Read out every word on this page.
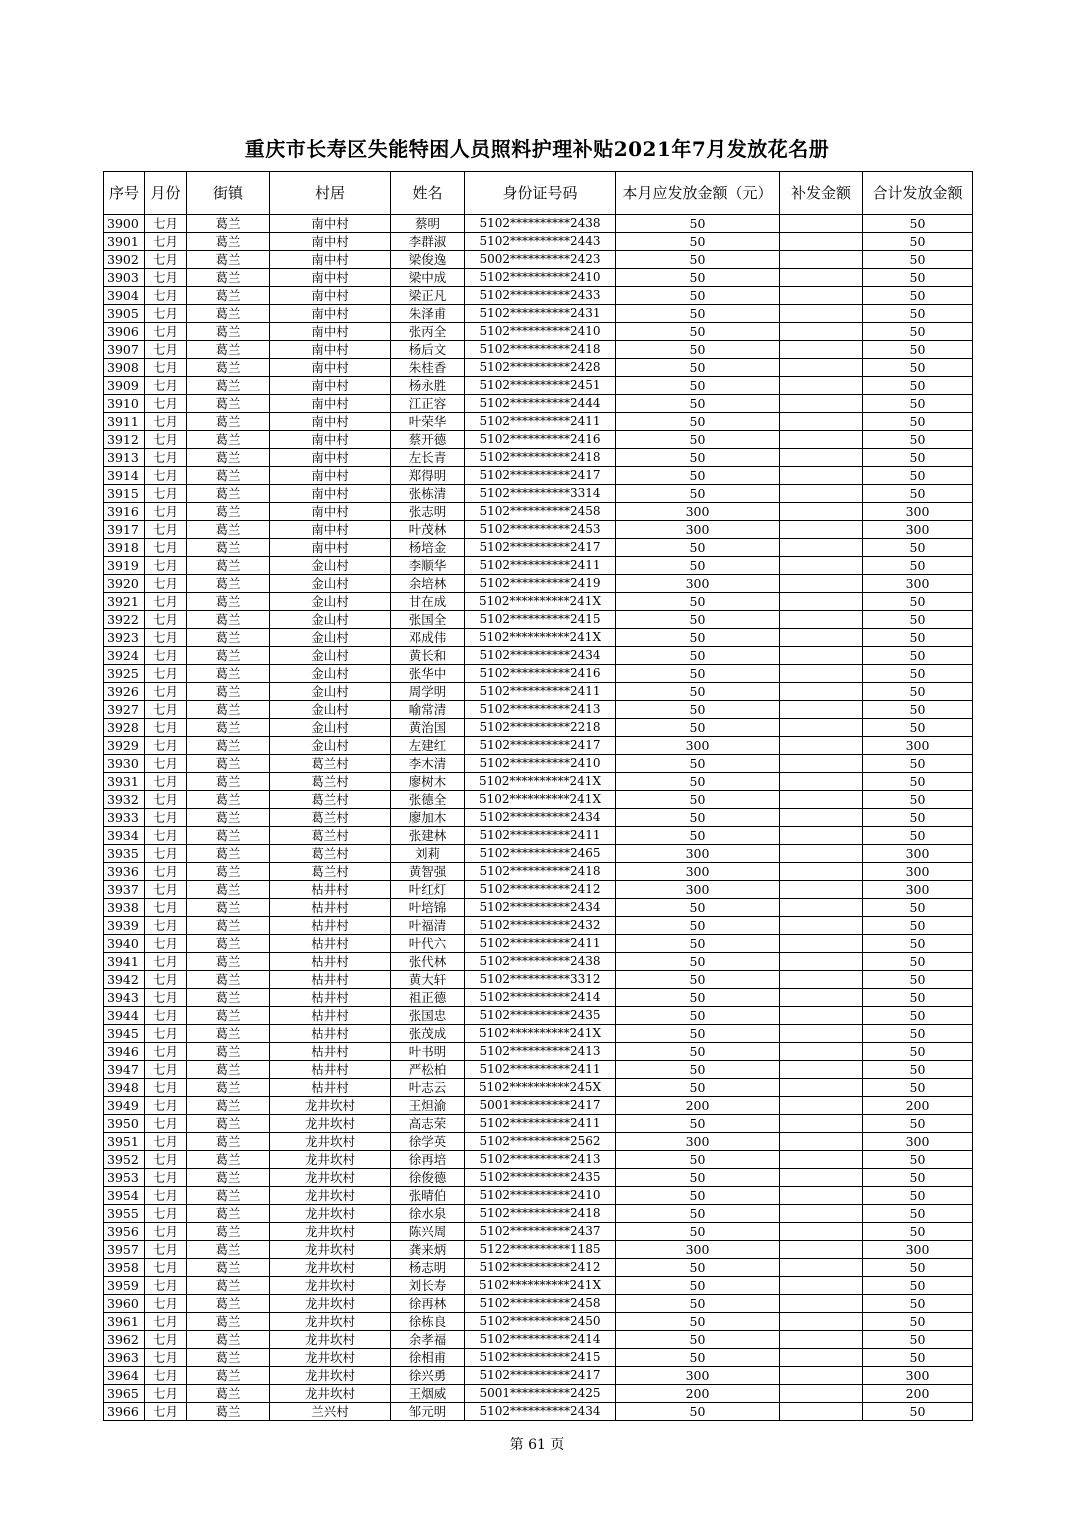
重庆市长寿区失能特困人员照料护理补贴2021年7月发放花名册
序号	月份	街镇	村居	姓名	身份证号码	本月应发放金额（元）	补发金额	合计发放金额
3900	七月	葛兰	南中村	蔡明	5102**********2438	50		50
3901	七月	葛兰	南中村	李群淑	5102**********2443	50		50
3902	七月	葛兰	南中村	梁俊逸	5002**********2423	50		50
3903	七月	葛兰	南中村	梁中成	5102**********2410	50		50
3904	七月	葛兰	南中村	梁正凡	5102**********2433	50		50
3905	七月	葛兰	南中村	朱泽甫	5102**********2431	50		50
3906	七月	葛兰	南中村	张丙全	5102**********2410	50		50
3907	七月	葛兰	南中村	杨后文	5102**********2418	50		50
3908	七月	葛兰	南中村	朱桂香	5102**********2428	50		50
3909	七月	葛兰	南中村	杨永胜	5102**********2451	50		50
3910	七月	葛兰	南中村	江正容	5102**********2444	50		50
3911	七月	葛兰	南中村	叶荣华	5102**********2411	50		50
3912	七月	葛兰	南中村	蔡开德	5102**********2416	50		50
3913	七月	葛兰	南中村	左长青	5102**********2418	50		50
3914	七月	葛兰	南中村	郑得明	5102**********2417	50		50
3915	七月	葛兰	南中村	张栋清	5102**********3314	50		50
3916	七月	葛兰	南中村	张志明	5102**********2458	300		300
3917	七月	葛兰	南中村	叶茂林	5102**********2453	300		300
3918	七月	葛兰	南中村	杨培金	5102**********2417	50		50
3919	七月	葛兰	金山村	李顺华	5102**********2411	50		50
3920	七月	葛兰	金山村	余培林	5102**********2419	300		300
3921	七月	葛兰	金山村	甘在成	5102**********241X	50		50
3922	七月	葛兰	金山村	张国全	5102**********2415	50		50
3923	七月	葛兰	金山村	邓成伟	5102**********241X	50		50
3924	七月	葛兰	金山村	黄长和	5102**********2434	50		50
3925	七月	葛兰	金山村	张华中	5102**********2416	50		50
3926	七月	葛兰	金山村	周学明	5102**********2411	50		50
3927	七月	葛兰	金山村	喻常清	5102**********2413	50		50
3928	七月	葛兰	金山村	黄治国	5102**********2218	50		50
3929	七月	葛兰	金山村	左建红	5102**********2417	300		300
3930	七月	葛兰	葛兰村	李木清	5102**********2410	50		50
3931	七月	葛兰	葛兰村	廖树木	5102**********241X	50		50
3932	七月	葛兰	葛兰村	张德全	5102**********241X	50		50
3933	七月	葛兰	葛兰村	廖加木	5102**********2434	50		50
3934	七月	葛兰	葛兰村	张建林	5102**********2411	50		50
3935	七月	葛兰	葛兰村	刘莉	5102**********2465	300		300
3936	七月	葛兰	葛兰村	黄智强	5102**********2418	300		300
3937	七月	葛兰	枯井村	叶红灯	5102**********2412	300		300
3938	七月	葛兰	枯井村	叶培锦	5102**********2434	50		50
3939	七月	葛兰	枯井村	叶福清	5102**********2432	50		50
3940	七月	葛兰	枯井村	叶代六	5102**********2411	50		50
3941	七月	葛兰	枯井村	张代林	5102**********2438	50		50
3942	七月	葛兰	枯井村	黄大轩	5102**********3312	50		50
3943	七月	葛兰	枯井村	祖正德	5102**********2414	50		50
3944	七月	葛兰	枯井村	张国忠	5102**********2435	50		50
3945	七月	葛兰	枯井村	张茂成	5102**********241X	50		50
3946	七月	葛兰	枯井村	叶书明	5102**********2413	50		50
3947	七月	葛兰	枯井村	严松柏	5102**********2411	50		50
3948	七月	葛兰	枯井村	叶志云	5102**********245X	50		50
3949	七月	葛兰	龙井坎村	王炟渝	5001**********2417	200		200
3950	七月	葛兰	龙井坎村	高志荣	5102**********2411	50		50
3951	七月	葛兰	龙井坎村	徐学英	5102**********2562	300		300
3952	七月	葛兰	龙井坎村	徐再培	5102**********2413	50		50
3953	七月	葛兰	龙井坎村	徐俊德	5102**********2435	50		50
3954	七月	葛兰	龙井坎村	张晴伯	5102**********2410	50		50
3955	七月	葛兰	龙井坎村	徐水泉	5102**********2418	50		50
3956	七月	葛兰	龙井坎村	陈兴周	5102**********2437	50		50
3957	七月	葛兰	龙井坎村	龚来炳	5122**********1185	300		300
3958	七月	葛兰	龙井坎村	杨志明	5102**********2412	50		50
3959	七月	葛兰	龙井坎村	刘长寿	5102**********241X	50		50
3960	七月	葛兰	龙井坎村	徐再林	5102**********2458	50		50
3961	七月	葛兰	龙井坎村	徐栋良	5102**********2450	50		50
3962	七月	葛兰	龙井坎村	余孝福	5102**********2414	50		50
3963	七月	葛兰	龙井坎村	徐相甫	5102**********2415	50		50
3964	七月	葛兰	龙井坎村	徐兴勇	5102**********2417	300		300
3965	七月	葛兰	龙井坎村	王烟威	5001**********2425	200		200
3966	七月	葛兰	兰兴村	邹元明	5102**********2434	50		50
第 61 页
